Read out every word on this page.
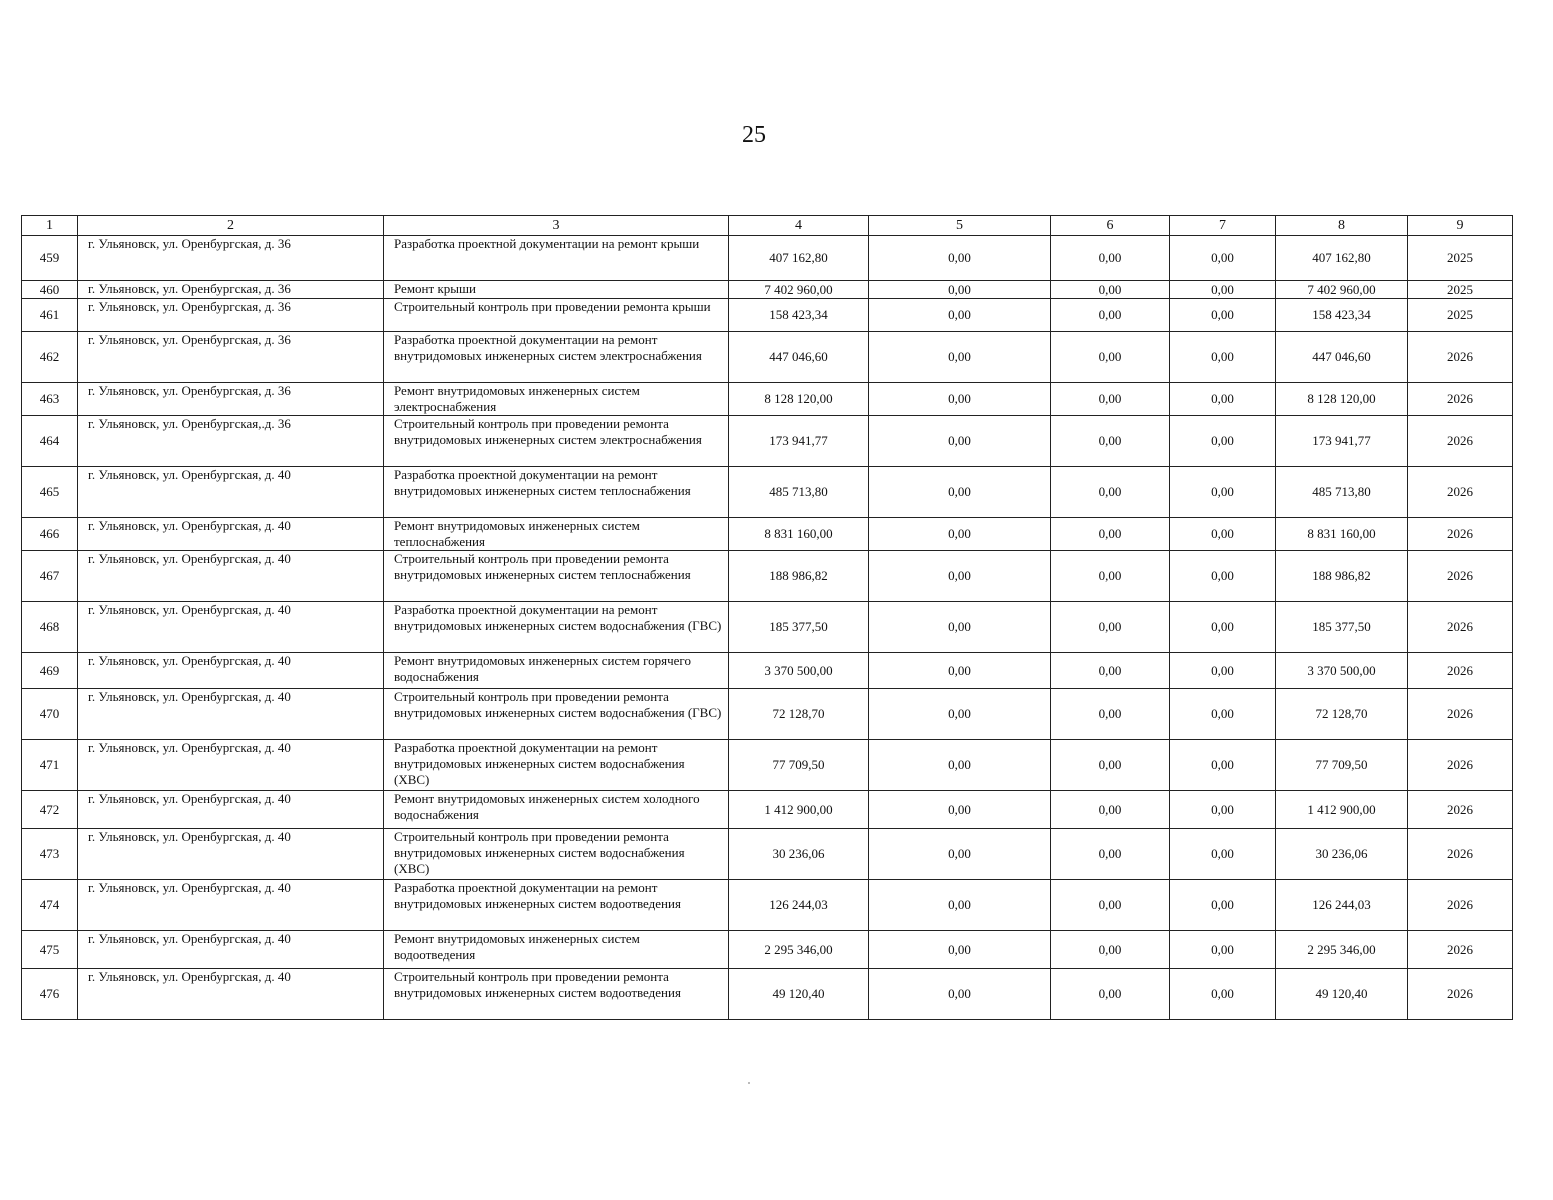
25
1	2	3	4	5	6	7	8	9
459	г. Ульяновск, ул. Оренбургская, д. 36	Разработка проектной документации на ремонт крыши	407 162,80	0,00	0,00	0,00	407 162,80	2025
460	г. Ульяновск, ул. Оренбургская, д. 36	Ремонт крыши	7 402 960,00	0,00	0,00	0,00	7 402 960,00	2025
461	г. Ульяновск, ул. Оренбургская, д. 36	Строительный контроль при проведении ремонта крыши	158 423,34	0,00	0,00	0,00	158 423,34	2025
462	г. Ульяновск, ул. Оренбургская, д. 36	Разработка проектной документации на ремонт внутридомовых инженерных систем электроснабжения	447 046,60	0,00	0,00	0,00	447 046,60	2026
463	г. Ульяновск, ул. Оренбургская, д. 36	Ремонт внутридомовых инженерных систем электроснабжения	8 128 120,00	0,00	0,00	0,00	8 128 120,00	2026
464	г. Ульяновск, ул. Оренбургская,.д. 36	Строительный контроль при проведении ремонта внутридомовых инженерных систем электроснабжения	173 941,77	0,00	0,00	0,00	173 941,77	2026
465	г. Ульяновск, ул. Оренбургская, д. 40	Разработка проектной документации на ремонт внутридомовых инженерных систем теплоснабжения	485 713,80	0,00	0,00	0,00	485 713,80	2026
466	г. Ульяновск, ул. Оренбургская, д. 40	Ремонт внутридомовых инженерных систем теплоснабжения	8 831 160,00	0,00	0,00	0,00	8 831 160,00	2026
467	г. Ульяновск, ул. Оренбургская, д. 40	Строительный контроль при проведении ремонта внутридомовых инженерных систем теплоснабжения	188 986,82	0,00	0,00	0,00	188 986,82	2026
468	г. Ульяновск, ул. Оренбургская, д. 40	Разработка проектной документации на ремонт внутридомовых инженерных систем водоснабжения (ГВС)	185 377,50	0,00	0,00	0,00	185 377,50	2026
469	г. Ульяновск, ул. Оренбургская, д. 40	Ремонт внутридомовых инженерных систем горячего водоснабжения	3 370 500,00	0,00	0,00	0,00	3 370 500,00	2026
470	г. Ульяновск, ул. Оренбургская, д. 40	Строительный контроль при проведении ремонта внутридомовых инженерных систем водоснабжения (ГВС)	72 128,70	0,00	0,00	0,00	72 128,70	2026
471	г. Ульяновск, ул. Оренбургская, д. 40	Разработка проектной документации на ремонт внутридомовых инженерных систем водоснабжения (ХВС)	77 709,50	0,00	0,00	0,00	77 709,50	2026
472	г. Ульяновск, ул. Оренбургская, д. 40	Ремонт внутридомовых инженерных систем холодного водоснабжения	1 412 900,00	0,00	0,00	0,00	1 412 900,00	2026
473	г. Ульяновск, ул. Оренбургская, д. 40	Строительный контроль при проведении ремонта внутридомовых инженерных систем водоснабжения (ХВС)	30 236,06	0,00	0,00	0,00	30 236,06	2026
474	г. Ульяновск, ул. Оренбургская, д. 40	Разработка проектной документации на ремонт внутридомовых инженерных систем водоотведения	126 244,03	0,00	0,00	0,00	126 244,03	2026
475	г. Ульяновск, ул. Оренбургская, д. 40	Ремонт внутридомовых инженерных систем водоотведения	2 295 346,00	0,00	0,00	0,00	2 295 346,00	2026
476	г. Ульяновск, ул. Оренбургская, д. 40	Строительный контроль при проведении ремонта внутридомовых инженерных систем водоотведения	49 120,40	0,00	0,00	0,00	49 120,40	2026
